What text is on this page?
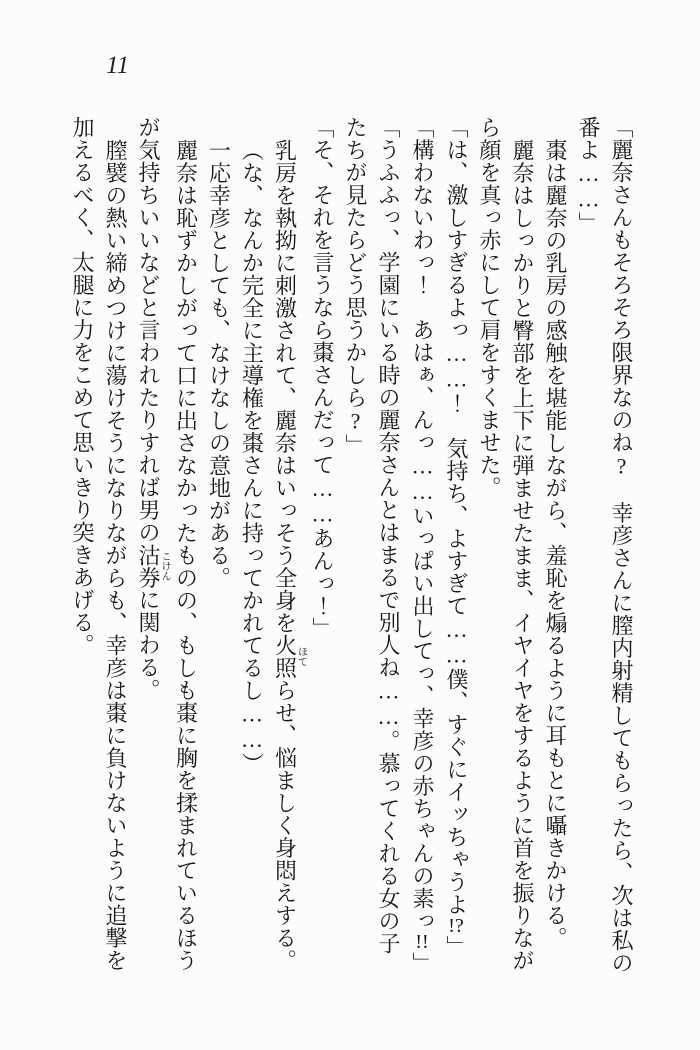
11
「麗奈さんもそろそろ限界なのね?　幸彦さんに膣内射精してもらったら、次は私の
番よ……」
棗は麗奈の乳房の感触を堪能しながら、羞恥を煽るように耳もとに囁きかける。
麗奈はしっかりと臀部を上下に弾ませたまま、イヤイヤをするように首を振りなが
ら顔を真っ赤にして肩をすくませた。
「は、激しすぎるよっ……！　気持ち、よすぎて……僕、すぐにイッちゃうよ!?」
「構わないわっ！　あはぁ、んっ……いっぱい出してっ、幸彦の赤ちゃんの素っ!!」
「うふふっ、学園にいる時の麗奈さんとはまるで別人ね……。慕ってくれる女の子
たちが見たらどう思うかしら?」
「そ、それを言うなら棗さんだって……あんっ！」
乳房を執拗に刺激されて、麗奈はいっそう全身を火照ほてらせ、悩ましく身悶えする。
（な、なんか完全に主導権を棗さんに持ってかれてるし……）
一応幸彦としても、なけなしの意地がある。
麗奈は恥ずかしがって口に出さなかったものの、もしも棗に胸を揉まれているほう
が気持ちいいなどと言われたりすれば男の沽券こけんに関わる。
膣襞の熱い締めつけに蕩けそうになりながらも、幸彦は棗に負けないように追撃を
加えるべく、太腿に力をこめて思いきり突きあげる。
